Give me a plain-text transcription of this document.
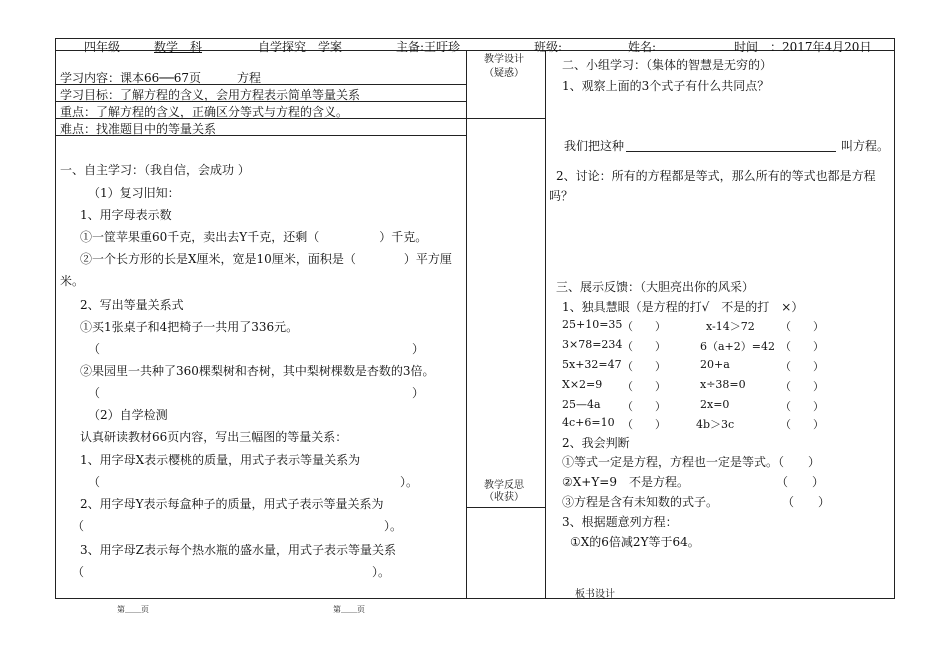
四年级	数学　科	自学探究　学案	主备:王吁珍	班级:	姓名:	时间　：2017年4月20日
学习内容：课本66──67页　　　方程
学习目标：了解方程的含义，会用方程表示简单等量关系
重点：了解方程的含义，正确区分等式与方程的含义。
难点：找准题目中的等量关系
一、自主学习：（我自信，会成功 ）
（1）复习旧知：
1、用字母表示数
①一筐苹果重60千克，卖出去Y千克，还剩（　　　　　）千克。
②一个长方形的长是X厘米，宽是10厘米，面积是（　　　　）平方厘
米。
2、写出等量关系式
①买1张桌子和4把椅子一共用了336元。
（　　　　　　　　　　　　　　　　　　　　　　　　　　）
②果园里一共种了360棵梨树和杏树，其中梨树棵数是杏数的3倍。
（　　　　　　　　　　　　　　　　　　　　　　　　　　）
（2）自学检测
认真研读教材66页内容，写出三幅图的等量关系：
1、用字母X表示樱桃的质量，用式子表示等量关系为
（　　　　　　　　　　　　　　　　　　　　　　　　　）。
2、用字母Y表示每盒种子的质量，用式子表示等量关系为
（　　　　　　　　　　　　　　　　　　　　　　　　　）。
3、用字母Z表示每个热水瓶的盛水量，用式子表示等量关系
（　　　　　　　　　　　　　　　　　　　　　　　　）。
教学设计
（疑惑）
教学反思
（收获）
二、小组学习：（集体的智慧是无穷的）
1、观察上面的3个式子有什么共同点？
我们把这种	叫方程。
2、讨论：所有的方程都是等式，那么所有的等式也都是方程
吗？
三、展示反馈：（大胆亮出你的风采）
1、独具慧眼（是方程的打√　不是的打　×）
25+10=35 （　　）	x-14＞72 （　　）
3×78=234 （　　）	6（a+2）=42 （　　）
5x+32=47 （　　）	20+a	（　　）
X×2=9 （　　）	x÷38=0	（　　）
25—4a （　　）	2x=0	（　　）
4c+6=10 （　　）	4b＞3c	（　　）
2、我会判断
①等式一定是方程，方程也一定是等式。（　　）
②X+Y=9　不是方程。	（　　）
③方程是含有未知数的式子。	（　　）
3、根据题意列方程：
①X的6倍减2Y等于64。
板书设计
第＿＿页	第＿＿页
